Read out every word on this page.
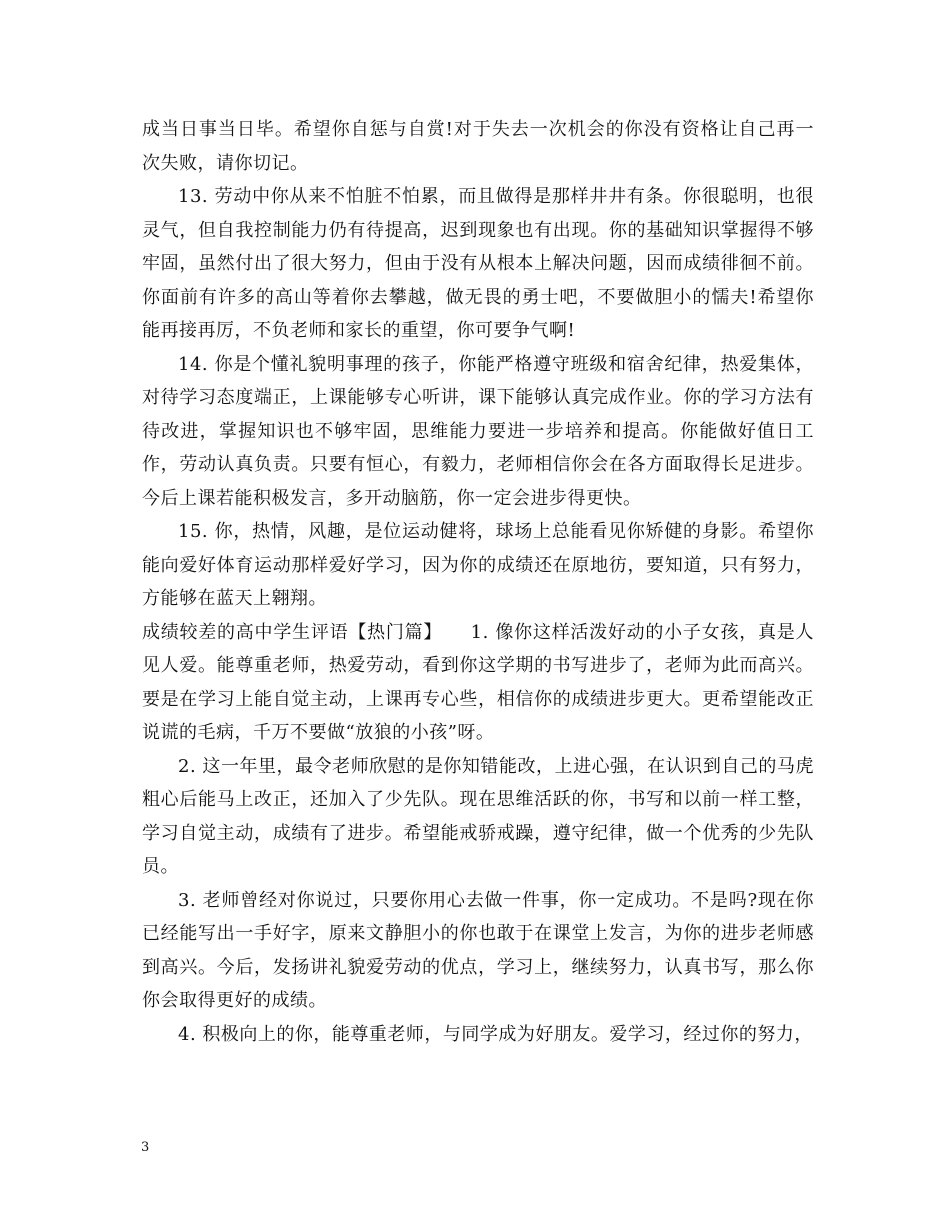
成当日事当日毕。希望你自惩与自赏!对于失去一次机会的你没有资格让自己再一次失败，请你切记。

13. 劳动中你从来不怕脏不怕累，而且做得是那样井井有条。你很聪明，也很灵气，但自我控制能力仍有待提高，迟到现象也有出现。你的基础知识掌握得不够牢固，虽然付出了很大努力，但由于没有从根本上解决问题，因而成绩徘徊不前。你面前有许多的高山等着你去攀越，做无畏的勇士吧，不要做胆小的懦夫!希望你能再接再厉，不负老师和家长的重望，你可要争气啊!

14. 你是个懂礼貌明事理的孩子，你能严格遵守班级和宿舍纪律，热爱集体，对待学习态度端正，上课能够专心听讲，课下能够认真完成作业。你的学习方法有待改进，掌握知识也不够牢固，思维能力要进一步培养和提高。你能做好值日工作，劳动认真负责。只要有恒心，有毅力，老师相信你会在各方面取得长足进步。今后上课若能积极发言，多开动脑筋，你一定会进步得更快。

15. 你，热情，风趣，是位运动健将，球场上总能看见你矫健的身影。希望你能向爱好体育运动那样爱好学习，因为你的成绩还在原地彷，要知道，只有努力，方能够在蓝天上翱翔。

成绩较差的高中学生评语【热门篇】　　1. 像你这样活泼好动的小子女孩，真是人见人爱。能尊重老师，热爱劳动，看到你这学期的书写进步了，老师为此而高兴。要是在学习上能自觉主动，上课再专心些，相信你的成绩进步更大。更希望能改正说谎的毛病，千万不要做“放狼的小孩”呀。

2. 这一年里，最令老师欣慰的是你知错能改，上进心强，在认识到自己的马虎粗心后能马上改正，还加入了少先队。现在思维活跃的你，书写和以前一样工整，学习自觉主动，成绩有了进步。希望能戒骄戒躁，遵守纪律，做一个优秀的少先队员。

3. 老师曾经对你说过，只要你用心去做一件事，你一定成功。不是吗?现在你已经能写出一手好字，原来文静胆小的你也敢于在课堂上发言，为你的进步老师感到高兴。今后，发扬讲礼貌爱劳动的优点，学习上，继续努力，认真书写，那么你你会取得更好的成绩。

4. 积极向上的你，能尊重老师，与同学成为好朋友。爱学习，经过你的努力，

3
